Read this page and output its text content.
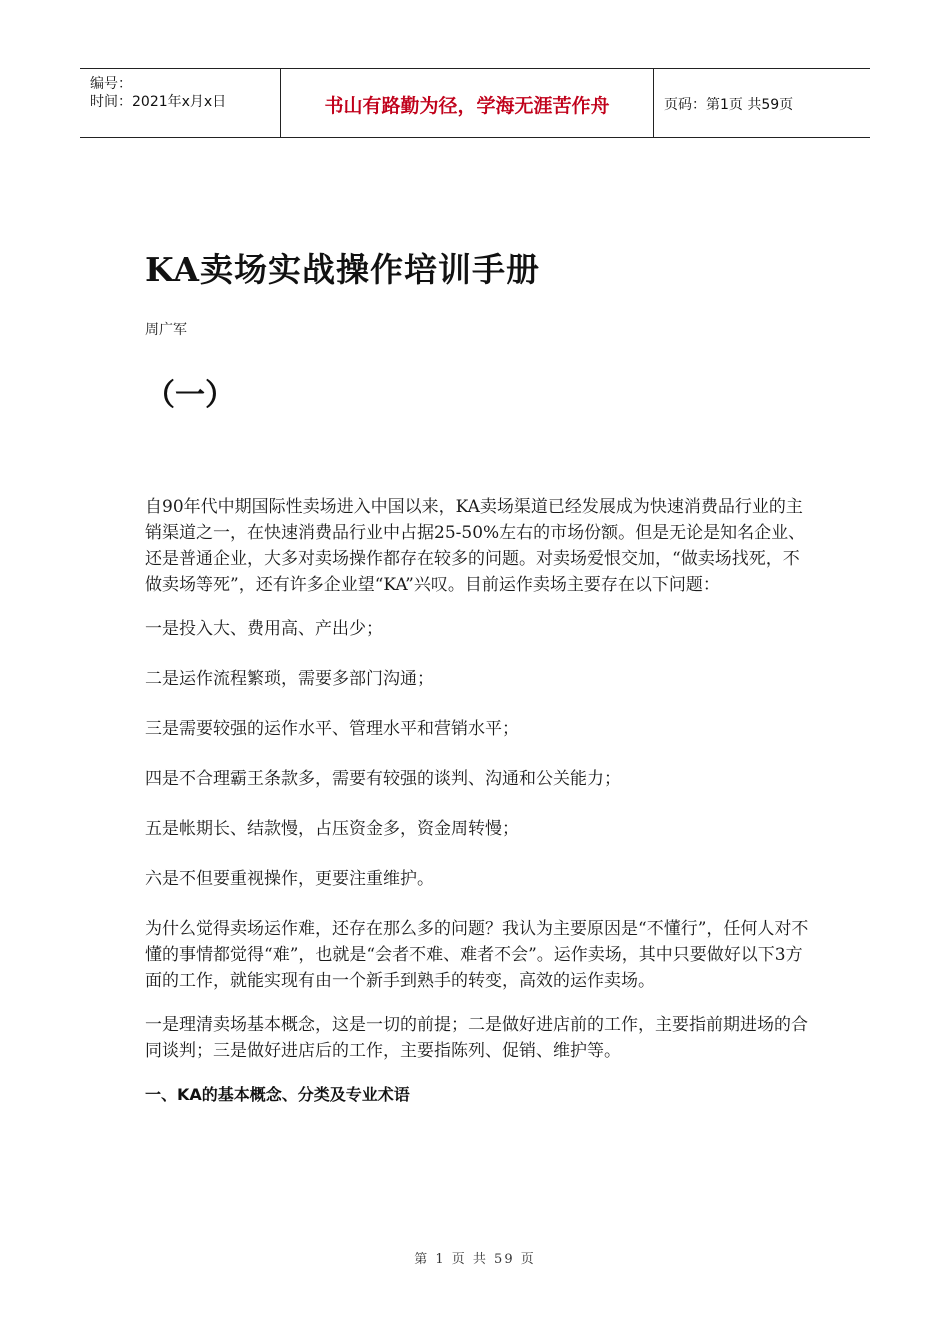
编号：
时间：2021年x月x日	书山有路勤为径，学海无涯苦作舟	页码：第1页 共59页
KA卖场实战操作培训手册
周广军
（一）

自90年代中期国际性卖场进入中国以来，KA卖场渠道已经发展成为快速消费品行业的主销渠道之一，在快速消费品行业中占据25-50%左右的市场份额。但是无论是知名企业、还是普通企业，大多对卖场操作都存在较多的问题。对卖场爱恨交加，“做卖场找死，不做卖场等死”，还有许多企业望“KA”兴叹。目前运作卖场主要存在以下问题：

一是投入大、费用高、产出少；

二是运作流程繁琐，需要多部门沟通；

三是需要较强的运作水平、管理水平和营销水平；

四是不合理霸王条款多，需要有较强的谈判、沟通和公关能力；

五是帐期长、结款慢，占压资金多，资金周转慢；

六是不但要重视操作，更要注重维护。

为什么觉得卖场运作难，还存在那么多的问题？我认为主要原因是“不懂行”，任何人对不懂的事情都觉得“难”，也就是“会者不难、难者不会”。运作卖场，其中只要做好以下3方面的工作，就能实现有由一个新手到熟手的转变，高效的运作卖场。

一是理清卖场基本概念，这是一切的前提；二是做好进店前的工作，主要指前期进场的合同谈判；三是做好进店后的工作，主要指陈列、促销、维护等。

一、KA的基本概念、分类及专业术语

第 1 页 共 59 页
